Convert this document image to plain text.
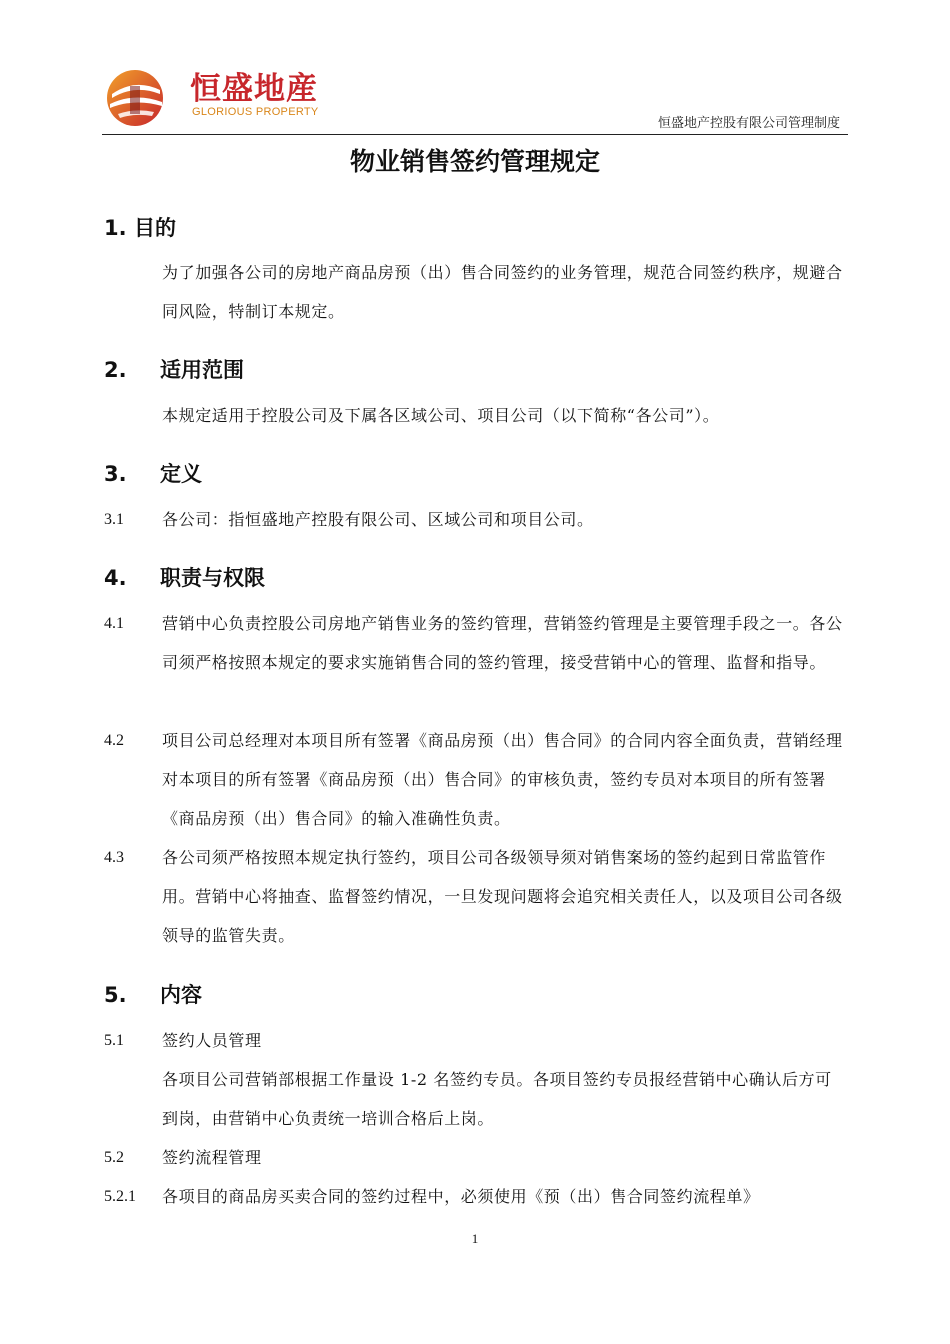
恒盛地産
GLORIOUS PROPERTY
恒盛地产控股有限公司管理制度
物业销售签约管理规定
1. 目的
为了加强各公司的房地产商品房预（出）售合同签约的业务管理，规范合同签约秩序，规避合同风险，特制订本规定。
2. 适用范围
本规定适用于控股公司及下属各区域公司、项目公司（以下简称“各公司”）。
3. 定义
3.1 各公司：指恒盛地产控股有限公司、区域公司和项目公司。
4. 职责与权限
4.1 营销中心负责控股公司房地产销售业务的签约管理，营销签约管理是主要管理手段之一。各公司须严格按照本规定的要求实施销售合同的签约管理，接受营销中心的管理、监督和指导。
4.2 项目公司总经理对本项目所有签署《商品房预（出）售合同》的合同内容全面负责，营销经理对本项目的所有签署《商品房预（出）售合同》的审核负责，签约专员对本项目的所有签署《商品房预（出）售合同》的输入准确性负责。
4.3 各公司须严格按照本规定执行签约，项目公司各级领导须对销售案场的签约起到日常监管作用。营销中心将抽查、监督签约情况，一旦发现问题将会追究相关责任人，以及项目公司各级领导的监管失责。
5. 内容
5.1 签约人员管理
各项目公司营销部根据工作量设 1-2 名签约专员。各项目签约专员报经营销中心确认后方可到岗，由营销中心负责统一培训合格后上岗。
5.2 签约流程管理
5.2.1 各项目的商品房买卖合同的签约过程中，必须使用《预（出）售合同签约流程单》
1
